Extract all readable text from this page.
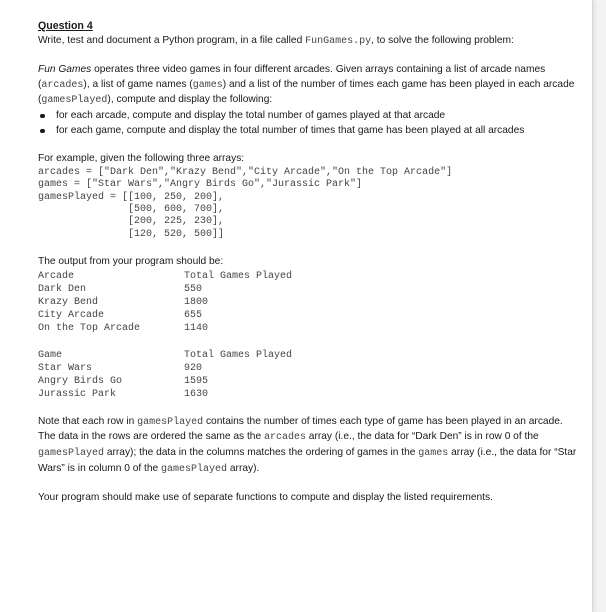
Question 4

Write, test and document a Python program, in a file called FunGames.py, to solve the following problem:

Fun Games operates three video games in four different arcades. Given arrays containing a list of arcade names (arcades), a list of game names (games) and a list of the number of times each game has been played in each arcade (gamesPlayed), compute and display the following:

for each arcade, compute and display the total number of games played at that arcade
for each game, compute and display the total number of times that game has been played at all arcades

For example, given the following three arrays:

arcades = ["Dark Den","Krazy Bend","City Arcade","On the Top Arcade"]
games = ["Star Wars","Angry Birds Go","Jurassic Park"]
gamesPlayed = [[100, 250, 200],
[500, 600, 700],
[200, 225, 230],
[120, 520, 500]]

The output from your program should be:

Arcade	Total Games Played
Dark Den	550
Krazy Bend	1800
City Arcade	655
On the Top Arcade	1140
Game	Total Games Played
Star Wars	920
Angry Birds Go	1595
Jurassic Park	1630

Note that each row in gamesPlayed contains the number of times each type of game has been played in an arcade. The data in the rows are ordered the same as the arcades array (i.e., the data for “Dark Den” is in row 0 of the gamesPlayed array); the data in the columns matches the ordering of games in the games array (i.e., the data for “Star Wars” is in column 0 of the gamesPlayed array).

Your program should make use of separate functions to compute and display the listed requirements.
